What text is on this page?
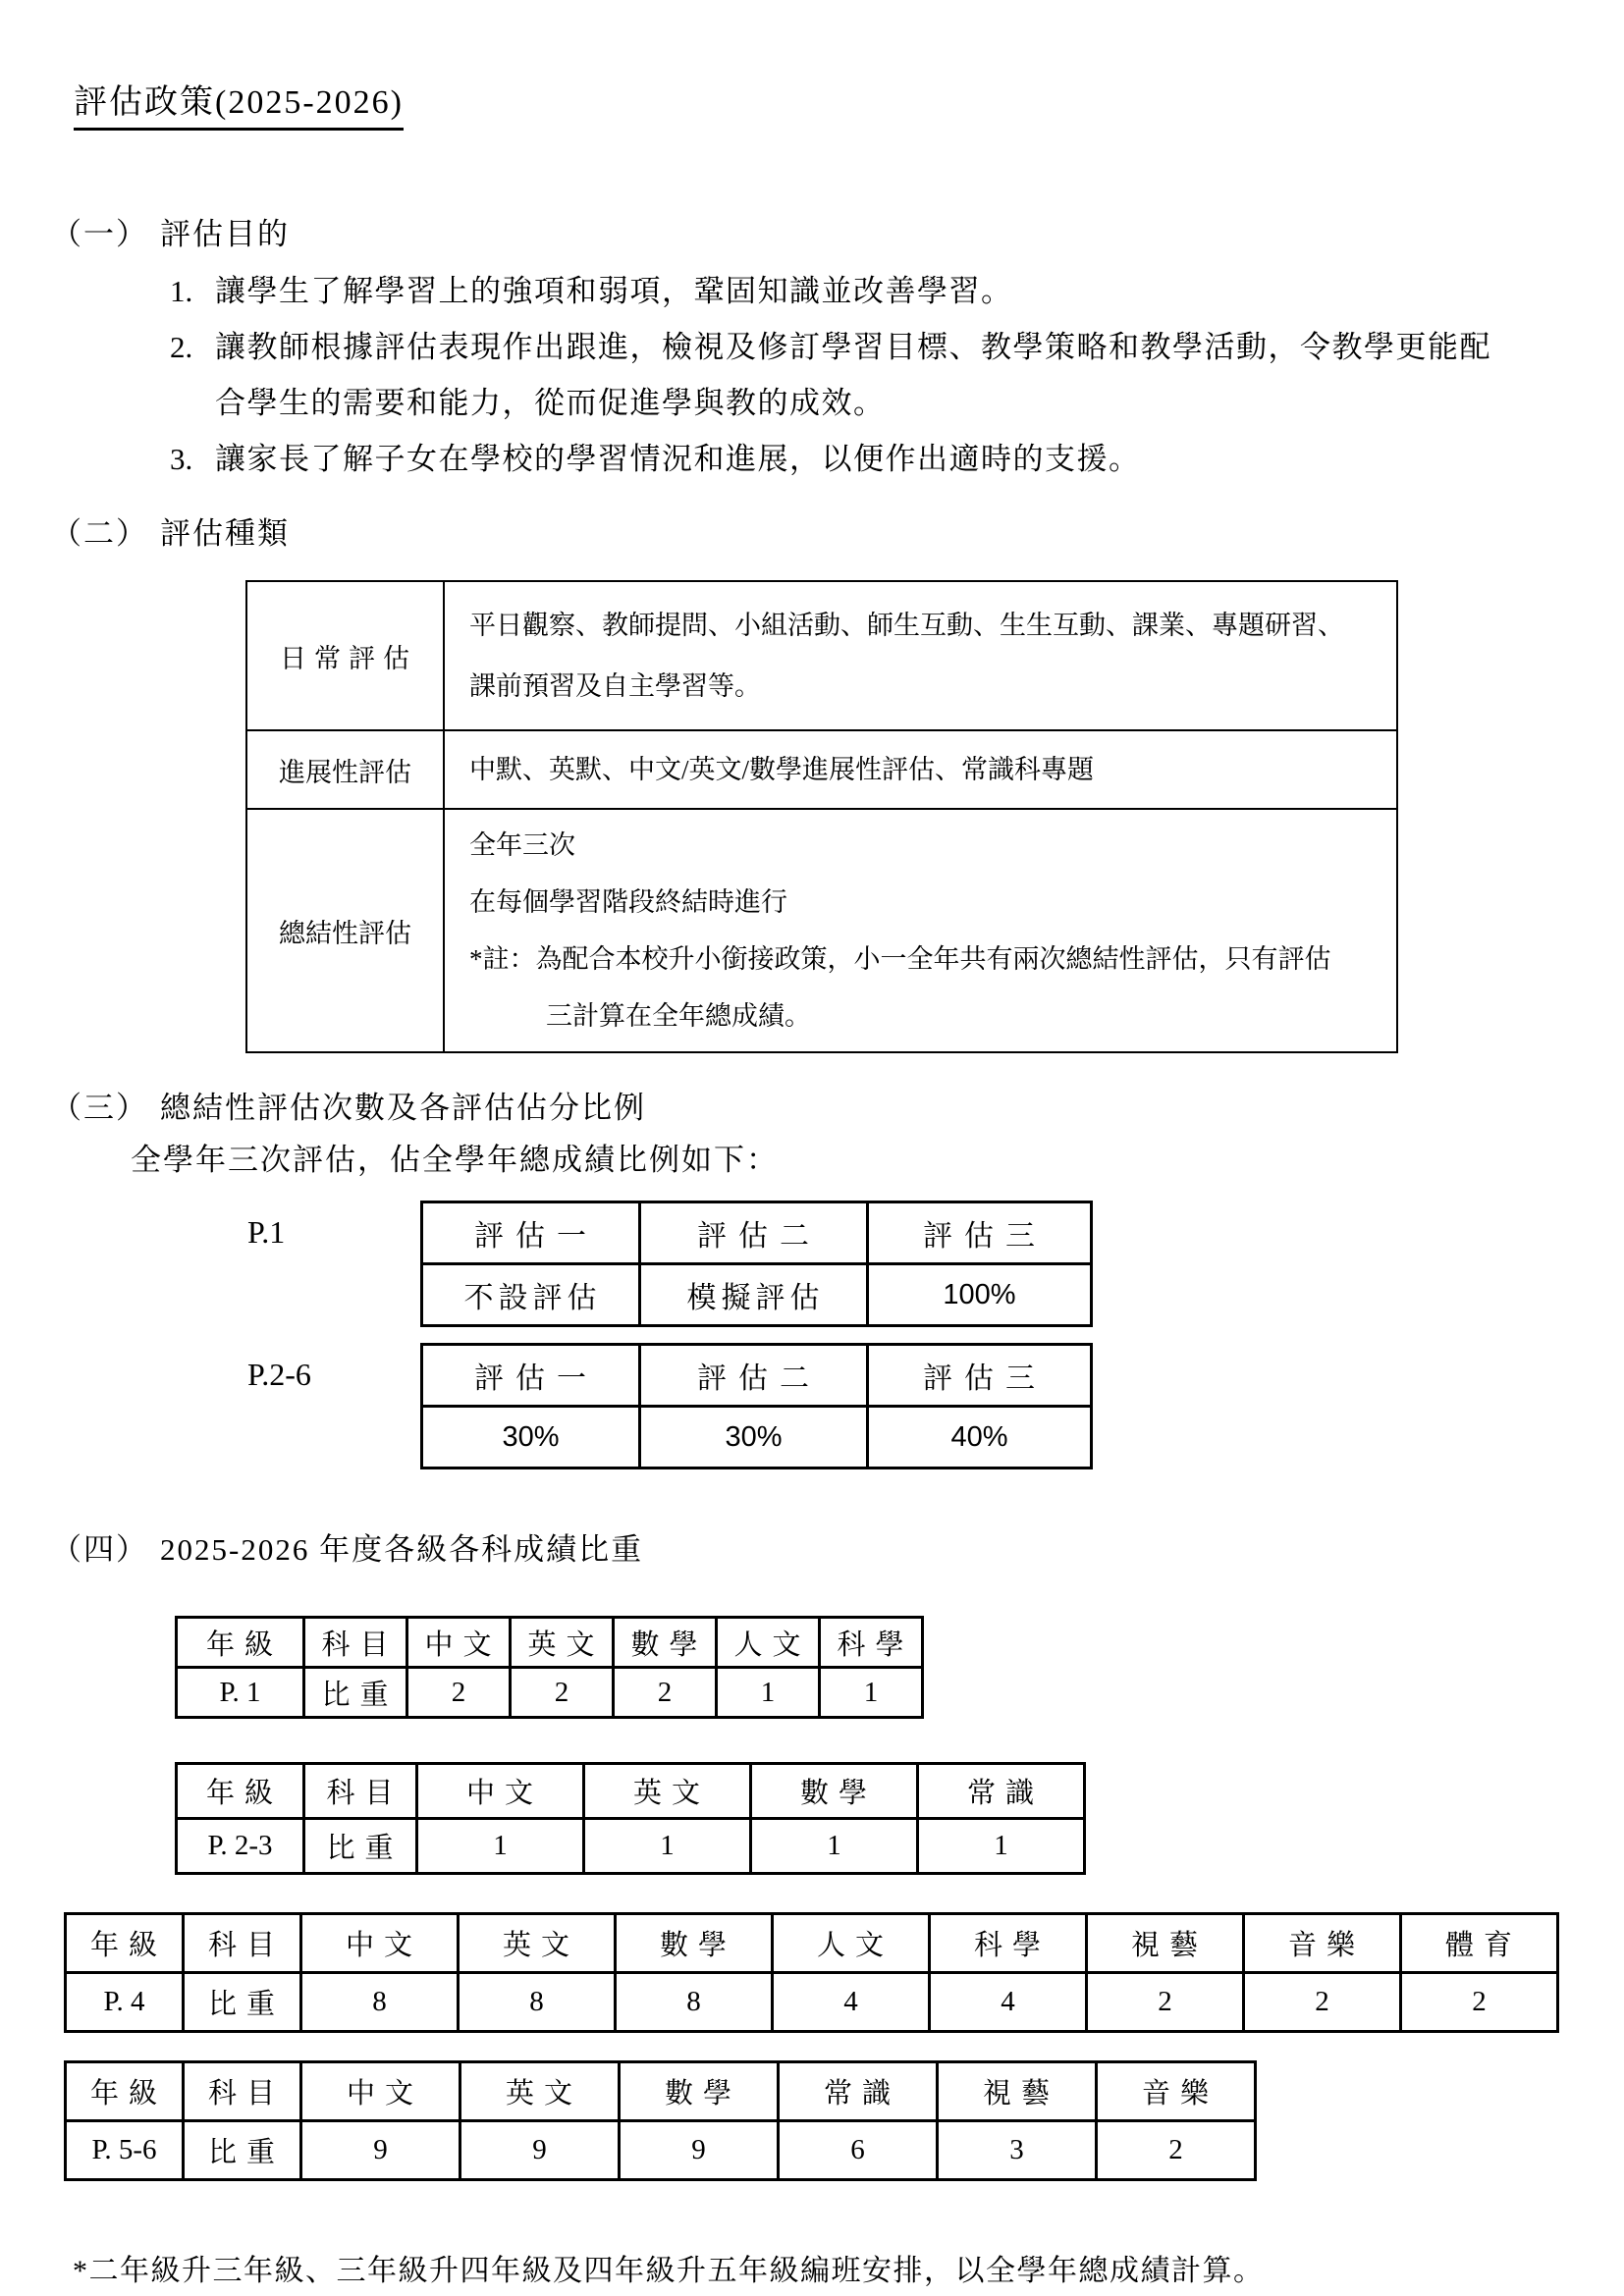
評估政策(2025-2026)
（一） 評估目的
1. 讓學生了解學習上的強項和弱項，鞏固知識並改善學習。
2. 讓教師根據評估表現作出跟進，檢視及修訂學習目標、教學策略和教學活動，令教學更能配合學生的需要和能力，從而促進學與教的成效。
3. 讓家長了解子女在學校的學習情況和進展，以便作出適時的支援。
（二） 評估種類
日常評估	平日觀察、教師提問、小組活動、師生互動、生生互動、課業、專題研習、
課前預習及自主學習等。

進展性評估	中默、英默、中文/英文/數學進展性評估、常識科專題

總結性評估	全年三次
在每個學習階段終結時進行
*註：為配合本校升小銜接政策，小一全年共有兩次總結性評估，只有評估
三計算在全年總成績。
（三） 總結性評估次數及各評估佔分比例
全學年三次評估，佔全學年總成績比例如下：
P.1	評估一	評估二	評估三
不設評估	模擬評估	100%
P.2-6	評估一	評估二	評估三
30%	30%	40%
（四） 2025-2026 年度各級各科成績比重
年級	科目	中文	英文	數學	人文	科學
P. 1	比重	2	2	2	1	1
年級	科目	中文	英文	數學	常識
P. 2-3	比重	1	1	1	1
年級	科目	中文	英文	數學	人文	科學	視藝	音樂	體育
P. 4	比重	8	8	8	4	4	2	2	2
年級	科目	中文	英文	數學	常識	視藝	音樂
P. 5-6	比重	9	9	9	6	3	2
*二年級升三年級、三年級升四年級及四年級升五年級編班安排，以全學年總成績計算。
